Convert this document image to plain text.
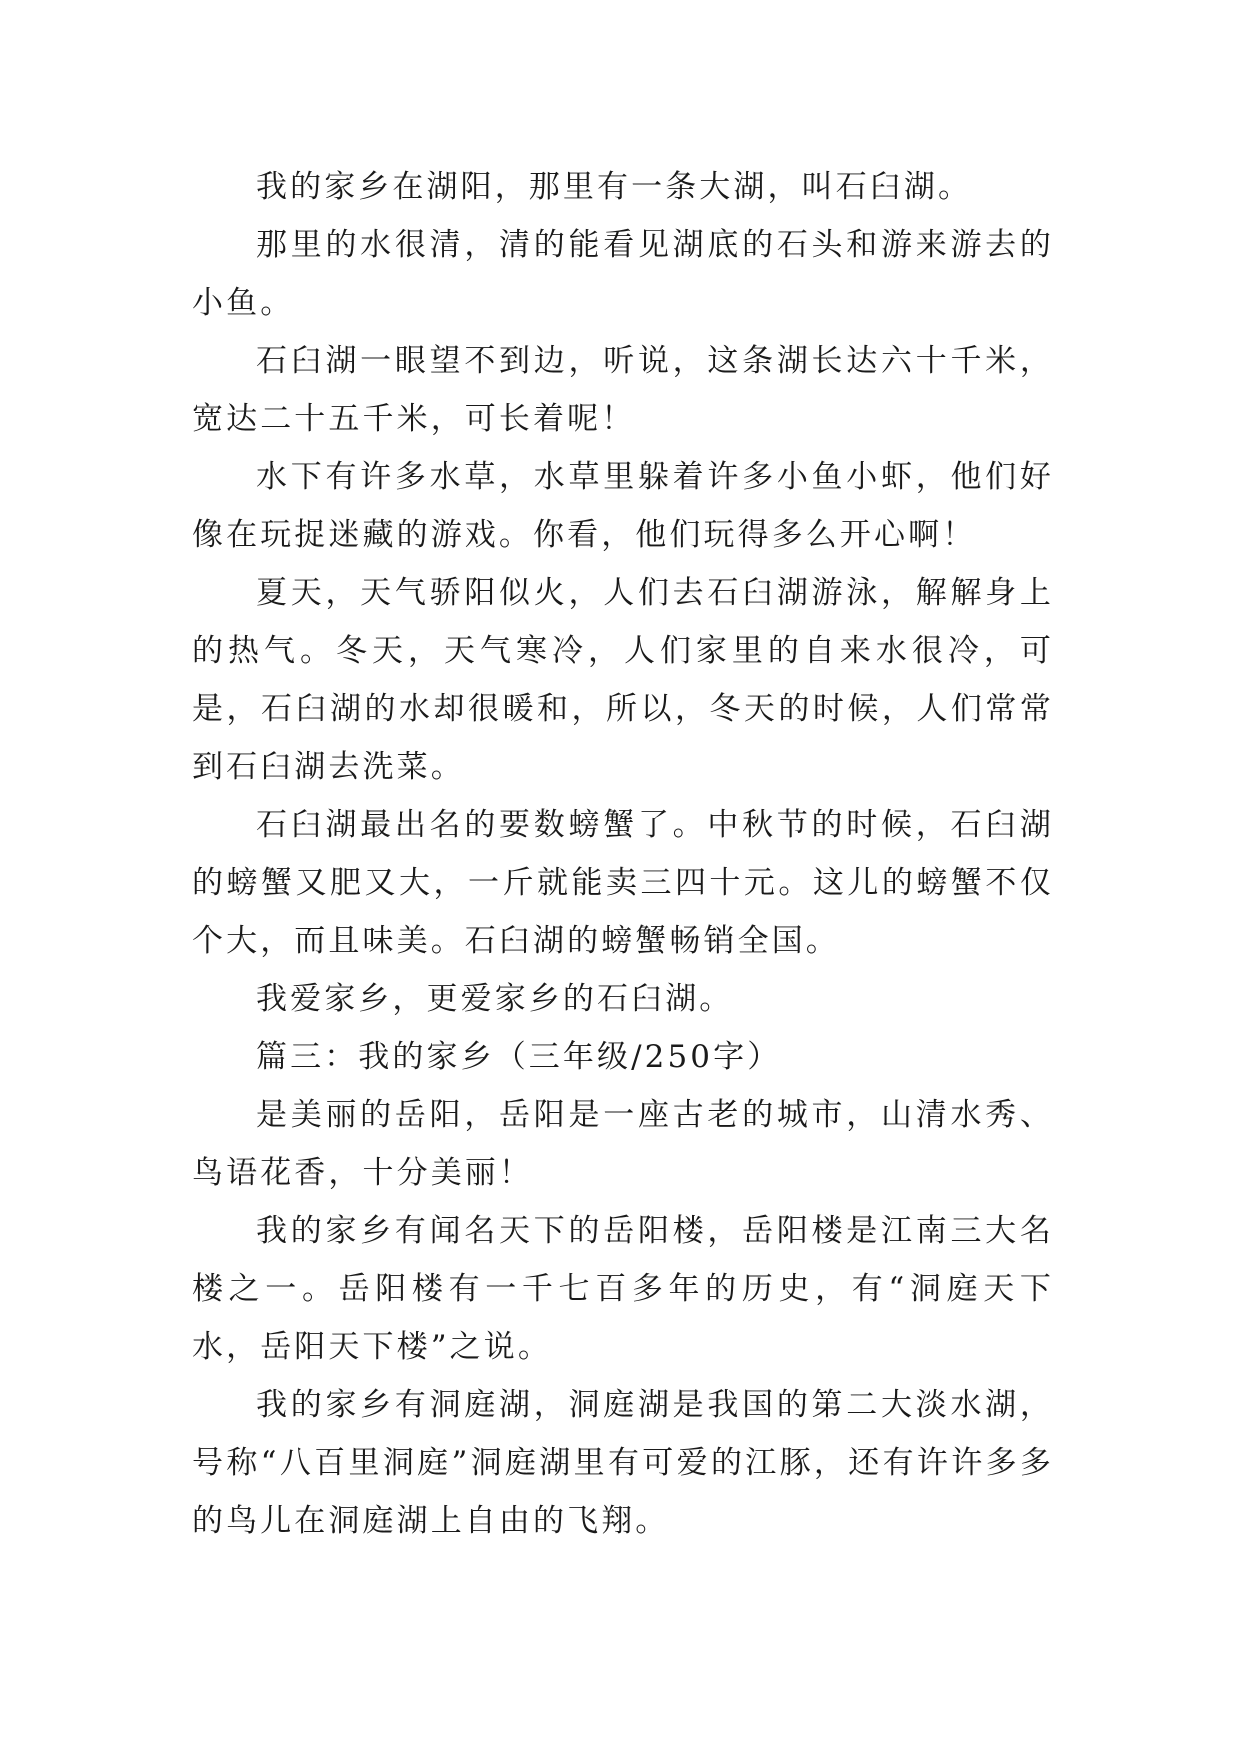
我的家乡在湖阳，那里有一条大湖，叫石臼湖。

那里的水很清，清的能看见湖底的石头和游来游去的小鱼。

石臼湖一眼望不到边，听说，这条湖长达六十千米，宽达二十五千米，可长着呢！

水下有许多水草，水草里躲着许多小鱼小虾，他们好像在玩捉迷藏的游戏。你看，他们玩得多么开心啊！

夏天，天气骄阳似火，人们去石臼湖游泳，解解身上的热气。冬天，天气寒冷，人们家里的自来水很冷，可是，石臼湖的水却很暖和，所以，冬天的时候，人们常常到石臼湖去洗菜。

石臼湖最出名的要数螃蟹了。中秋节的时候，石臼湖的螃蟹又肥又大，一斤就能卖三四十元。这儿的螃蟹不仅个大，而且味美。石臼湖的螃蟹畅销全国。

我爱家乡，更爱家乡的石臼湖。

篇三：我的家乡（三年级/250字）

是美丽的岳阳，岳阳是一座古老的城市，山清水秀、鸟语花香，十分美丽！

我的家乡有闻名天下的岳阳楼，岳阳楼是江南三大名楼之一。岳阳楼有一千七百多年的历史，有“洞庭天下水，岳阳天下楼”之说。

我的家乡有洞庭湖，洞庭湖是我国的第二大淡水湖，号称“八百里洞庭”洞庭湖里有可爱的江豚，还有许许多多的鸟儿在洞庭湖上自由的飞翔。
